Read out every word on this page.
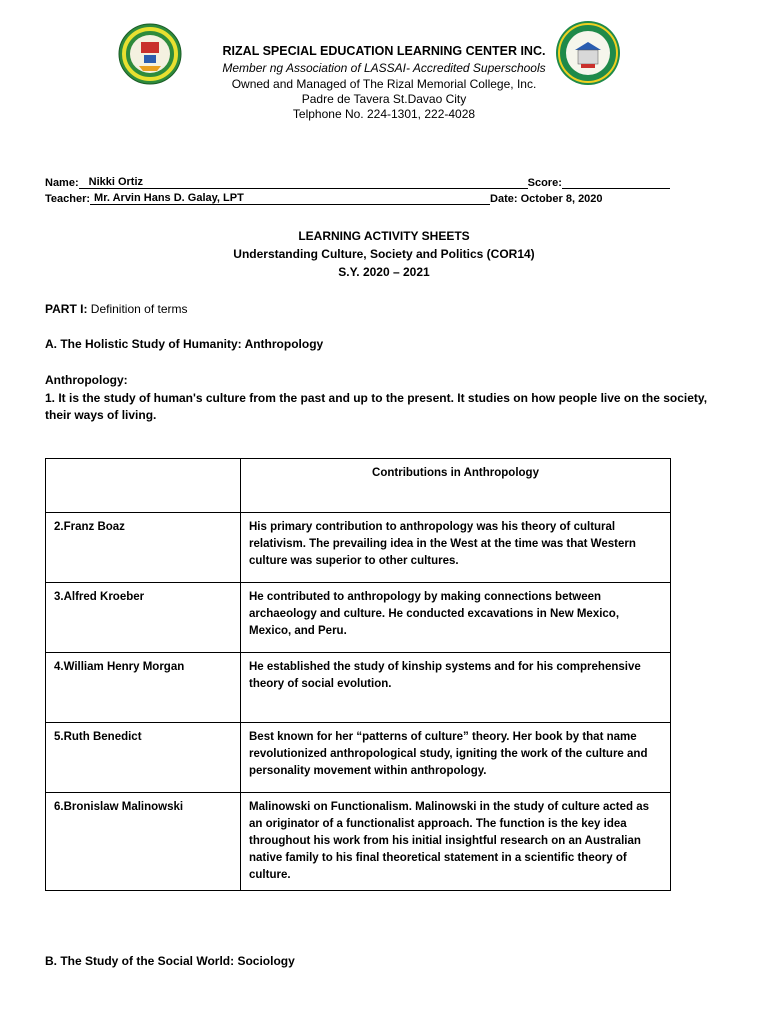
RIZAL SPECIAL EDUCATION LEARNING CENTER INC.
Member ng Association of LASSAI- Accredited Superschools
Owned and Managed of The Rizal Memorial College, Inc.
Padre de Tavera St.Davao City
Telphone No. 224-1301, 222-4028
Name: Nikki Ortiz	Score:
Teacher: Mr. Arvin Hans D. Galay, LPT	Date: October 8, 2020
LEARNING ACTIVITY SHEETS
Understanding Culture, Society and Politics (COR14)
S.Y. 2020 – 2021
PART I: Definition of terms
A. The Holistic Study of Humanity: Anthropology
Anthropology:
1. It is the study of human's culture from the past and up to the present. It studies on how people live on the society, their ways of living.
	Contributions in Anthropology
2.Franz Boaz	His primary contribution to anthropology was his theory of cultural relativism. The prevailing idea in the West at the time was that Western culture was superior to other cultures.
3.Alfred Kroeber	He contributed to anthropology by making connections between archaeology and culture. He conducted excavations in New Mexico, Mexico, and Peru.
4.William Henry Morgan	He established the study of kinship systems and for his comprehensive theory of social evolution.
5.Ruth Benedict	Best known for her “patterns of culture” theory. Her book by that name revolutionized anthropological study, igniting the work of the culture and personality movement within anthropology.
6.Bronislaw Malinowski	Malinowski on Functionalism. Malinowski in the study of culture acted as an originator of a functionalist approach. The function is the key idea throughout his work from his initial insightful research on an Australian native family to his final theoretical statement in a scientific theory of culture.
B. The Study of the Social World: Sociology
